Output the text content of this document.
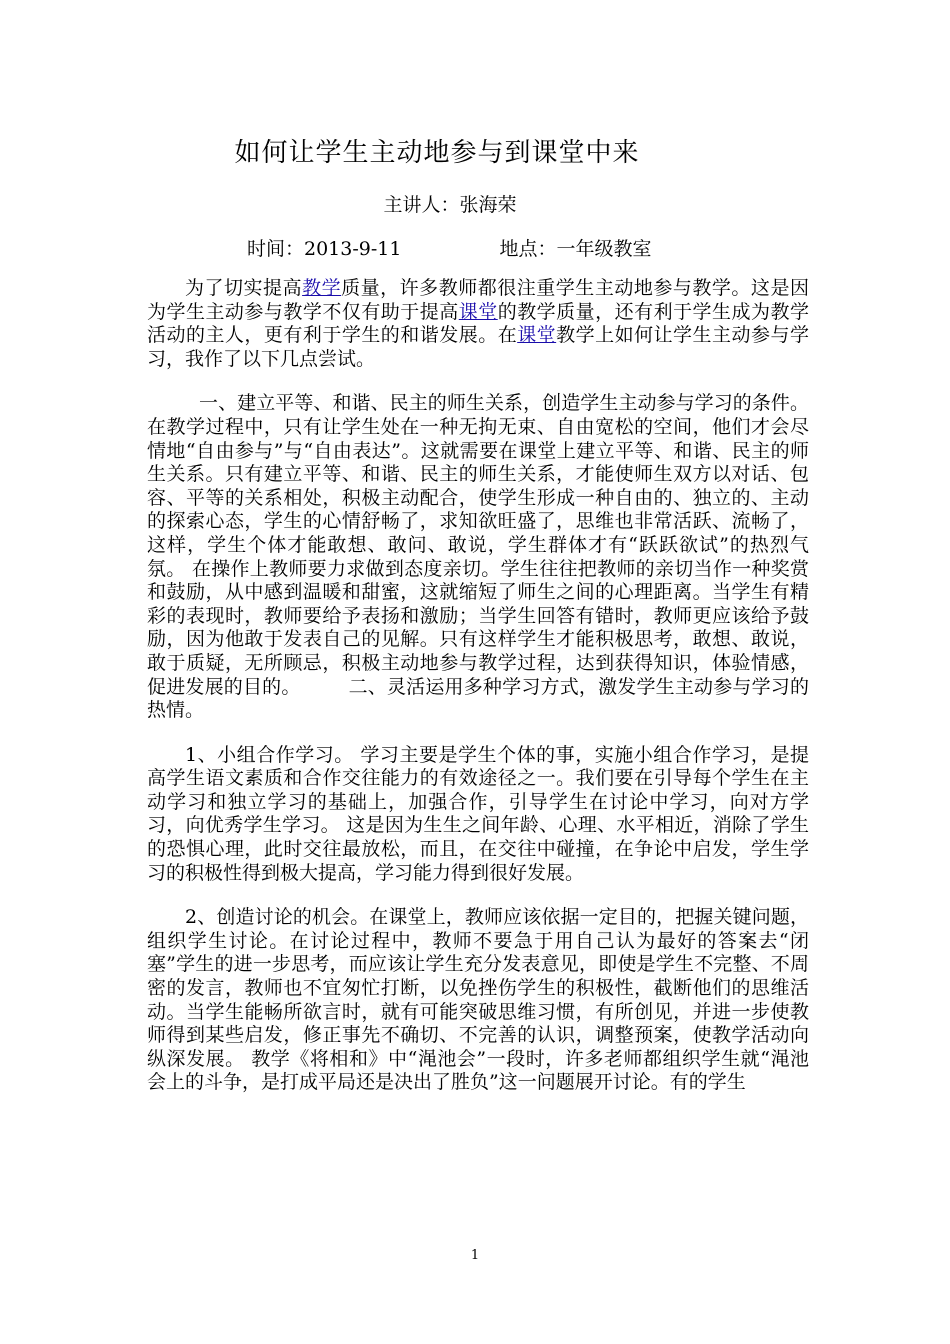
如何让学生主动地参与到课堂中来
主讲人：张海荣
时间：2013-9-11	地点：一年级教室

为了切实提高教学质量，许多教师都很注重学生主动地参与教学。这是因为学生主动参与教学不仅有助于提高课堂的教学质量，还有利于学生成为教学活动的主人，更有利于学生的和谐发展。在课堂教学上如何让学生主动参与学习，我作了以下几点尝试。

一、建立平等、和谐、民主的师生关系，创造学生主动参与学习的条件。 在教学过程中，只有让学生处在一种无拘无束、自由宽松的空间，他们才会尽情地“自由参与”与“自由表达”。这就需要在课堂上建立平等、和谐、民主的师生关系。只有建立平等、和谐、民主的师生关系，才能使师生双方以对话、包容、平等的关系相处，积极主动配合，使学生形成一种自由的、独立的、主动的探索心态，学生的心情舒畅了，求知欲旺盛了，思维也非常活跃、流畅了，这样，学生个体才能敢想、敢问、敢说，学生群体才有“跃跃欲试”的热烈气氛。 在操作上教师要力求做到态度亲切。学生往往把教师的亲切当作一种奖赏和鼓励，从中感到温暖和甜蜜，这就缩短了师生之间的心理距离。当学生有精彩的表现时，教师要给予表扬和激励；当学生回答有错时，教师更应该给予鼓励，因为他敢于发表自己的见解。只有这样学生才能积极思考，敢想、敢说，敢于质疑，无所顾忌，积极主动地参与教学过程，达到获得知识，体验情感，促进发展的目的。　　　二、灵活运用多种学习方式，激发学生主动参与学习的热情。

1、小组合作学习。 学习主要是学生个体的事，实施小组合作学习，是提高学生语文素质和合作交往能力的有效途径之一。我们要在引导每个学生在主动学习和独立学习的基础上，加强合作，引导学生在讨论中学习，向对方学习，向优秀学生学习。 这是因为生生之间年龄、心理、水平相近，消除了学生的恐惧心理，此时交往最放松，而且，在交往中碰撞，在争论中启发，学生学习的积极性得到极大提高，学习能力得到很好发展。

2、创造讨论的机会。在课堂上，教师应该依据一定目的，把握关键问题，组织学生讨论。在讨论过程中，教师不要急于用自己认为最好的答案去“闭塞”学生的进一步思考，而应该让学生充分发表意见，即使是学生不完整、不周密的发言，教师也不宜匆忙打断，以免挫伤学生的积极性，截断他们的思维活动。当学生能畅所欲言时，就有可能突破思维习惯，有所创见，并进一步使教师得到某些启发，修正事先不确切、不完善的认识，调整预案，使教学活动向纵深发展。 教学《将相和》中“渑池会”一段时，许多老师都组织学生就“渑池会上的斗争，是打成平局还是决出了胜负”这一问题展开讨论。有的学生

1
